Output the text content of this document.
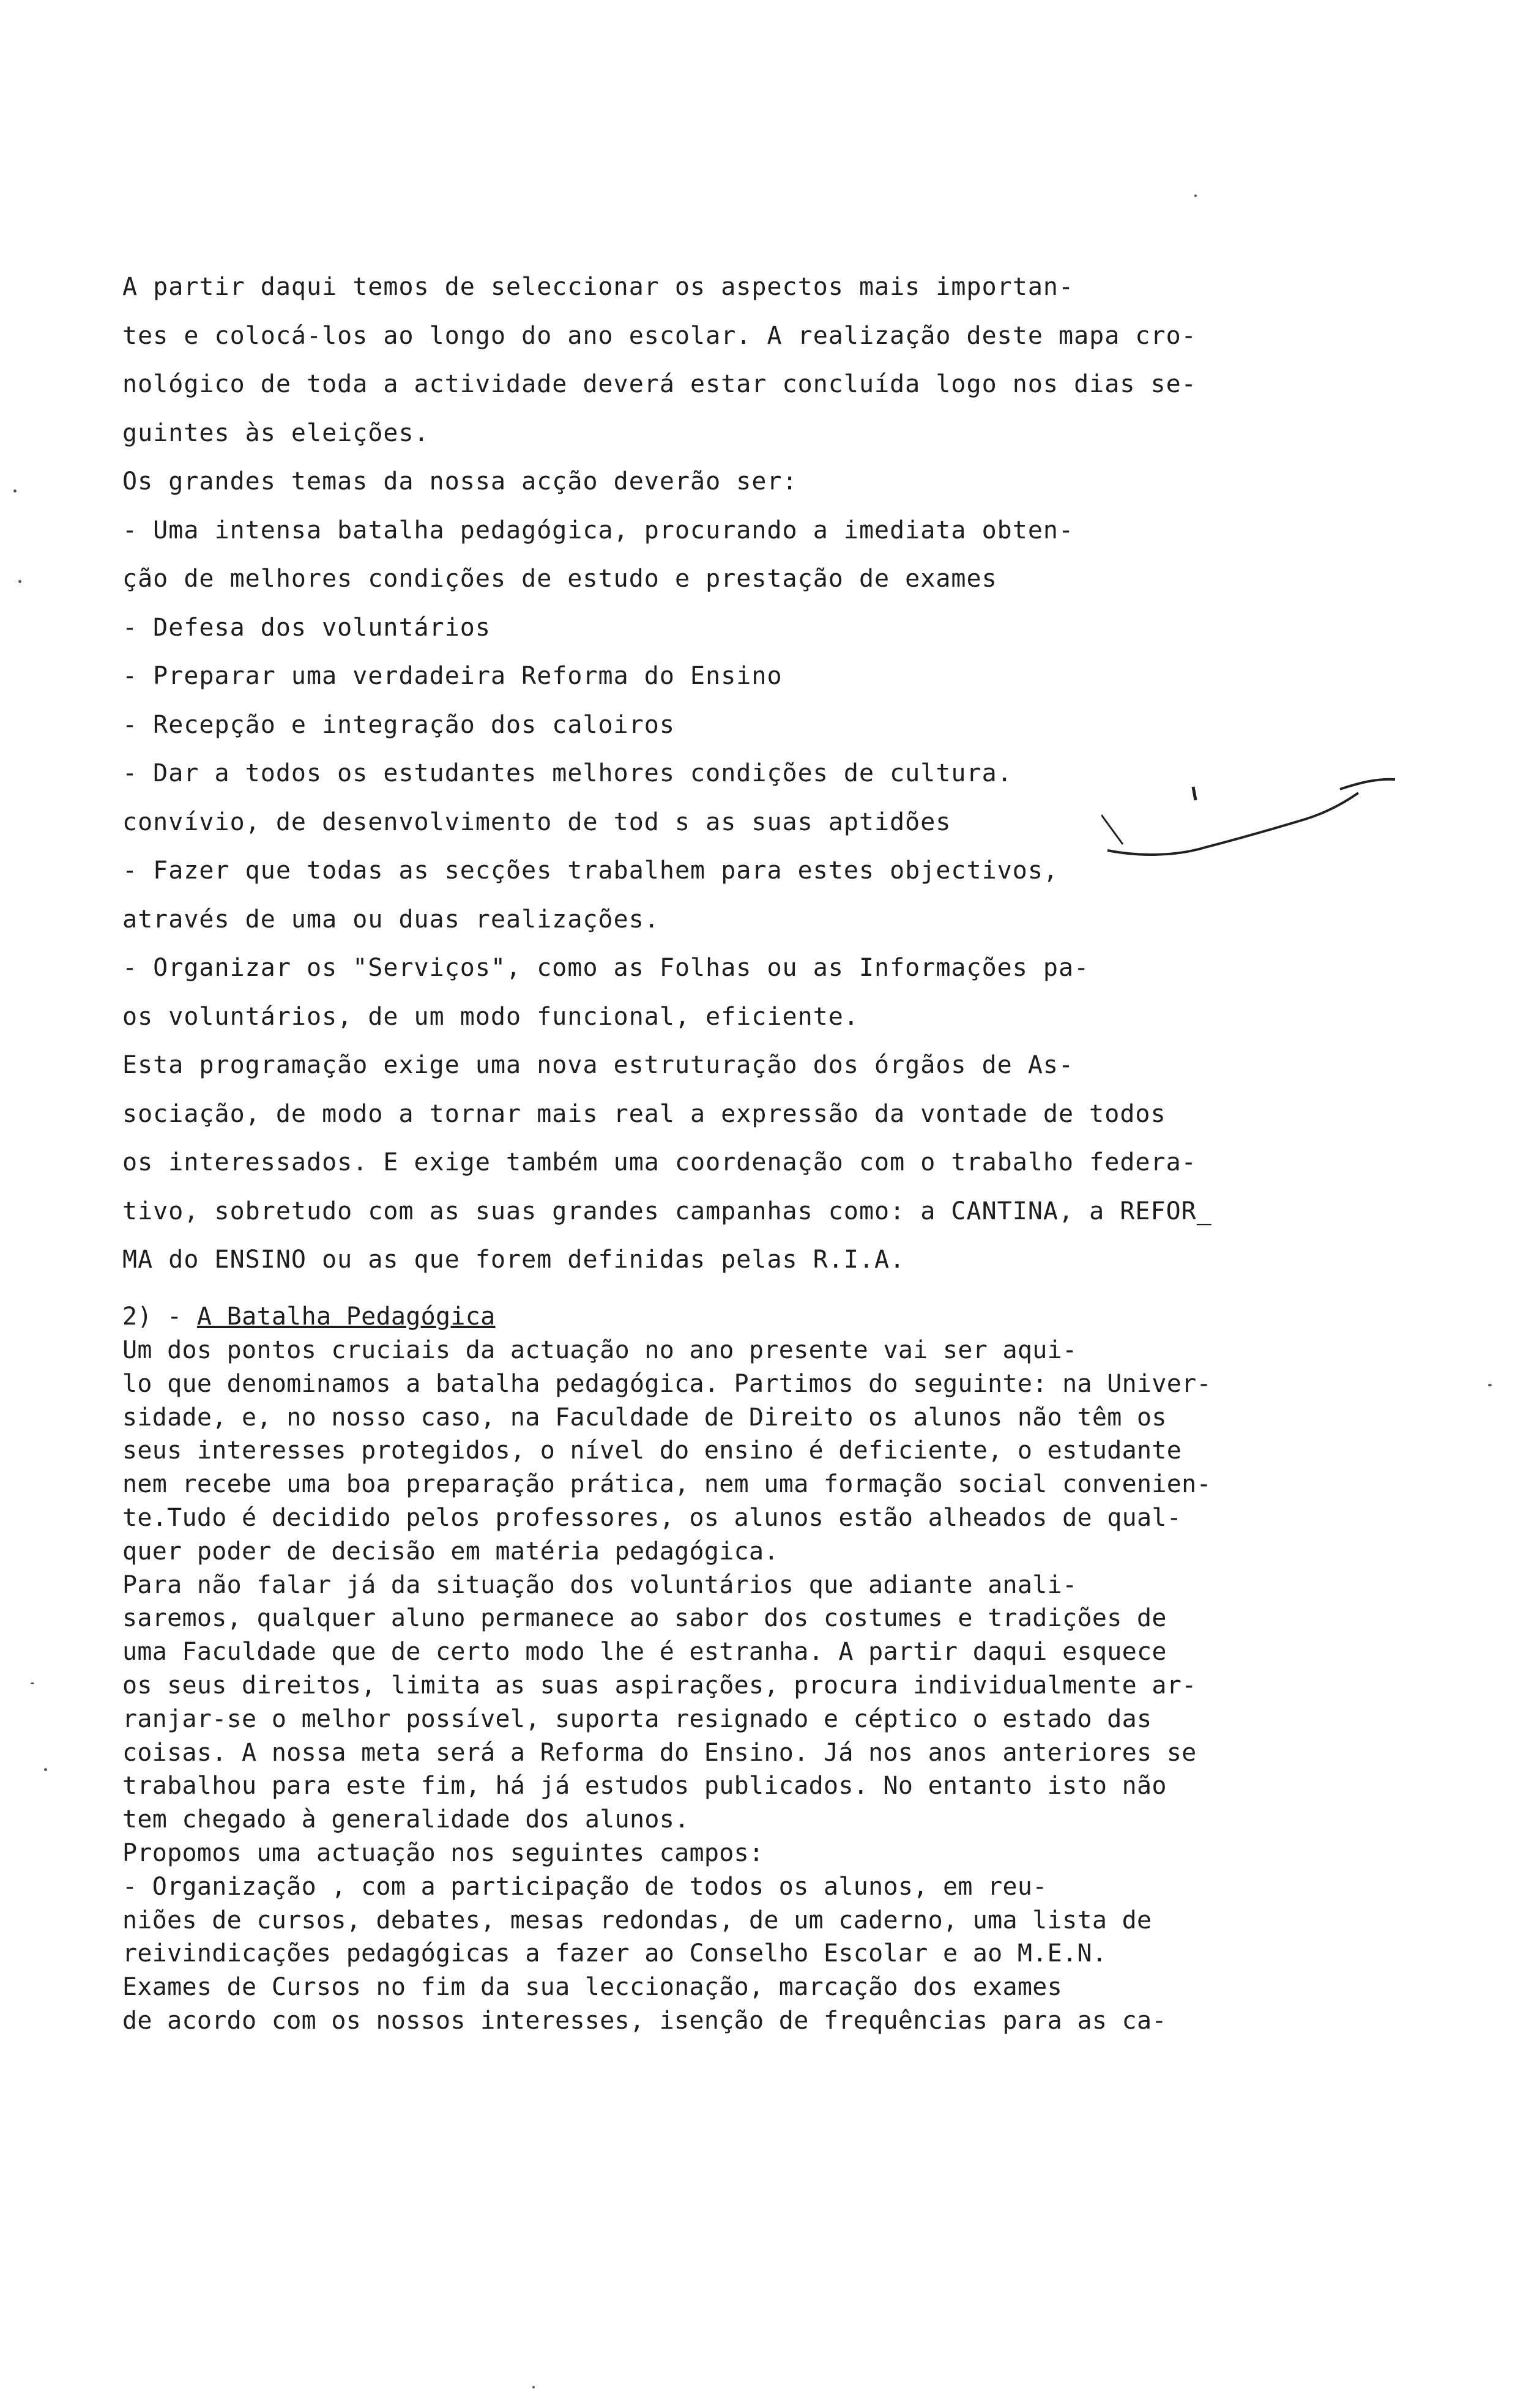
A partir daqui temos de seleccionar os aspectos mais importan-
tes e colocá-los ao longo do ano escolar. A realização deste mapa cro-
nológico de toda a actividade deverá estar concluída logo nos dias se-
guintes às eleições.
Os grandes temas da nossa acção deverão ser:
- Uma intensa batalha pedagógica, procurando a imediata obten-
ção de melhores condições de estudo e prestação de exames
- Defesa dos voluntários
- Preparar uma verdadeira Reforma do Ensino
- Recepção e integração dos caloiros
- Dar a todos os estudantes melhores condições de cultura.
convívio, de desenvolvimento de tod s as suas aptidões
- Fazer que todas as secções trabalhem para estes objectivos,
através de uma ou duas realizações.
- Organizar os "Serviços", como as Folhas ou as Informações pa-
os voluntários, de um modo funcional, eficiente.
Esta programação exige uma nova estruturação dos órgãos de As-
sociação, de modo a tornar mais real a expressão da vontade de todos
os interessados. E exige também uma coordenação com o trabalho federa-
tivo, sobretudo com as suas grandes campanhas como: a CANTINA, a REFOR_
MA do ENSINO ou as que forem definidas pelas R.I.A.
2) - A Batalha Pedagógica
Um dos pontos cruciais da actuação no ano presente vai ser aqui-
lo que denominamos a batalha pedagógica. Partimos do seguinte: na Univer-
sidade, e, no nosso caso, na Faculdade de Direito os alunos não têm os
seus interesses protegidos, o nível do ensino é deficiente, o estudante
nem recebe uma boa preparação prática, nem uma formação social convenien-
te.Tudo é decidido pelos professores, os alunos estão alheados de qual-
quer poder de decisão em matéria pedagógica.
Para não falar já da situação dos voluntários que adiante anali-
saremos, qualquer aluno permanece ao sabor dos costumes e tradições de
uma Faculdade que de certo modo lhe é estranha. A partir daqui esquece
os seus direitos, limita as suas aspirações, procura individualmente ar-
ranjar-se o melhor possível, suporta resignado e céptico o estado das
coisas. A nossa meta será a Reforma do Ensino. Já nos anos anteriores se
trabalhou para este fim, há já estudos publicados. No entanto isto não
tem chegado à generalidade dos alunos.
Propomos uma actuação nos seguintes campos:
- Organização , com a participação de todos os alunos, em reu-
niões de cursos, debates, mesas redondas, de um caderno, uma lista de
reivindicações pedagógicas a fazer ao Conselho Escolar e ao M.E.N.
Exames de Cursos no fim da sua leccionação, marcação dos exames
de acordo com os nossos interesses, isenção de frequências para as ca-
